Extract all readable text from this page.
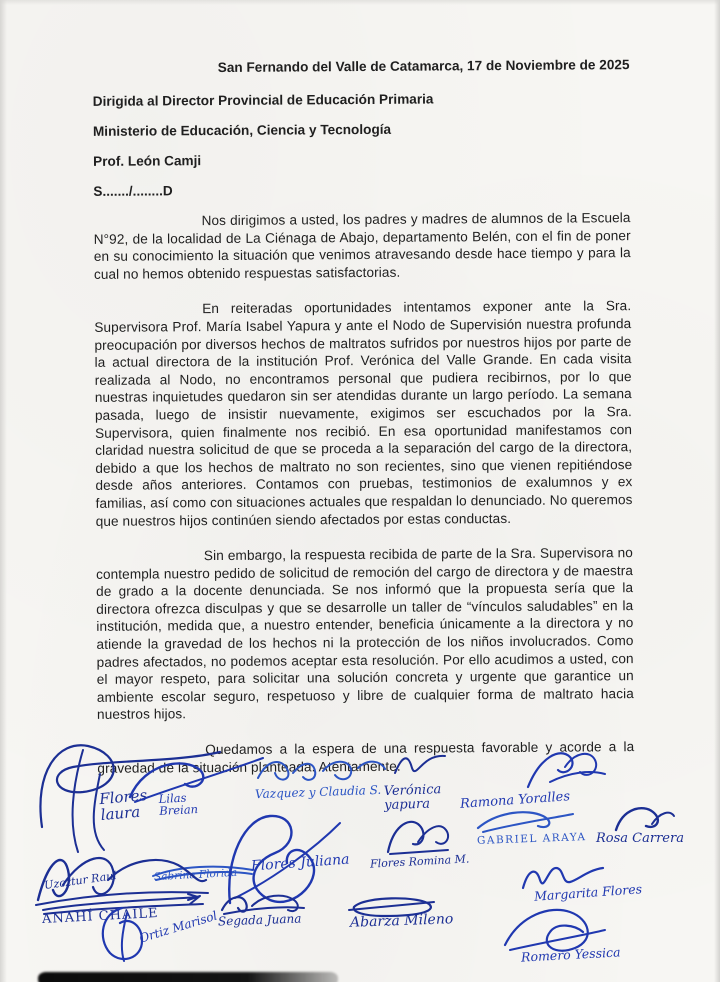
San Fernando del Valle de Catamarca, 17 de Noviembre de 2025

Dirigida al Director Provincial de Educación Primaria

Ministerio de Educación, Ciencia y Tecnología

Prof. León Camji

S......./........D

Nos dirigimos a usted, los padres y madres de alumnos de la Escuela N°92, de la localidad de La Ciénaga de Abajo, departamento Belén, con el fin de poner en su conocimiento la situación que venimos atravesando desde hace tiempo y para la cual no hemos obtenido respuestas satisfactorias.

En reiteradas oportunidades intentamos exponer ante la Sra. Supervisora Prof. María Isabel Yapura y ante el Nodo de Supervisión nuestra profunda preocupación por diversos hechos de maltratos sufridos por nuestros hijos por parte de la actual directora de la institución Prof. Verónica del Valle Grande. En cada visita realizada al Nodo, no encontramos personal que pudiera recibirnos, por lo que nuestras inquietudes quedaron sin ser atendidas durante un largo período. La semana pasada, luego de insistir nuevamente, exigimos ser escuchados por la Sra. Supervisora, quien finalmente nos recibió. En esa oportunidad manifestamos con claridad nuestra solicitud de que se proceda a la separación del cargo de la directora, debido a que los hechos de maltrato no son recientes, sino que vienen repitiéndose desde años anteriores. Contamos con pruebas, testimonios de exalumnos y ex familias, así como con situaciones actuales que respaldan lo denunciado. No queremos que nuestros hijos continúen siendo afectados por estas conductas.

Sin embargo, la respuesta recibida de parte de la Sra. Supervisora no contempla nuestro pedido de solicitud de remoción del cargo de directora y de maestra de grado a la docente denunciada. Se nos informó que la propuesta sería que la directora ofrezca disculpas y que se desarrolle un taller de “vínculos saludables” en la institución, medida que, a nuestro entender, beneficia únicamente a la directora y no atiende la gravedad de los hechos ni la protección de los niños involucrados. Como padres afectados, no podemos aceptar esta resolución. Por ello acudimos a usted, con el mayor respeto, para solicitar una solución concreta y urgente que garantice un ambiente escolar seguro, respetuoso y libre de cualquier forma de maltrato hacia nuestros hijos.

Quedamos a la espera de una respuesta favorable y acorde a la gravedad de la situación planteada. Atentamente.

Flores
laura
Lilas
Breian
Vazquez y Claudia S. Verónica yapura	Ramona Yoralles
Sabrina Florida
Flores Juliana Flores Romina M.
GABRIEL ARAYA Rosa Carrera
Uzcztur Raul
ANAHÍ CHAILE
Ortiz Marisol
Segada Juana	Abarza Mileno
Margarita Flores
Romero Yessica
